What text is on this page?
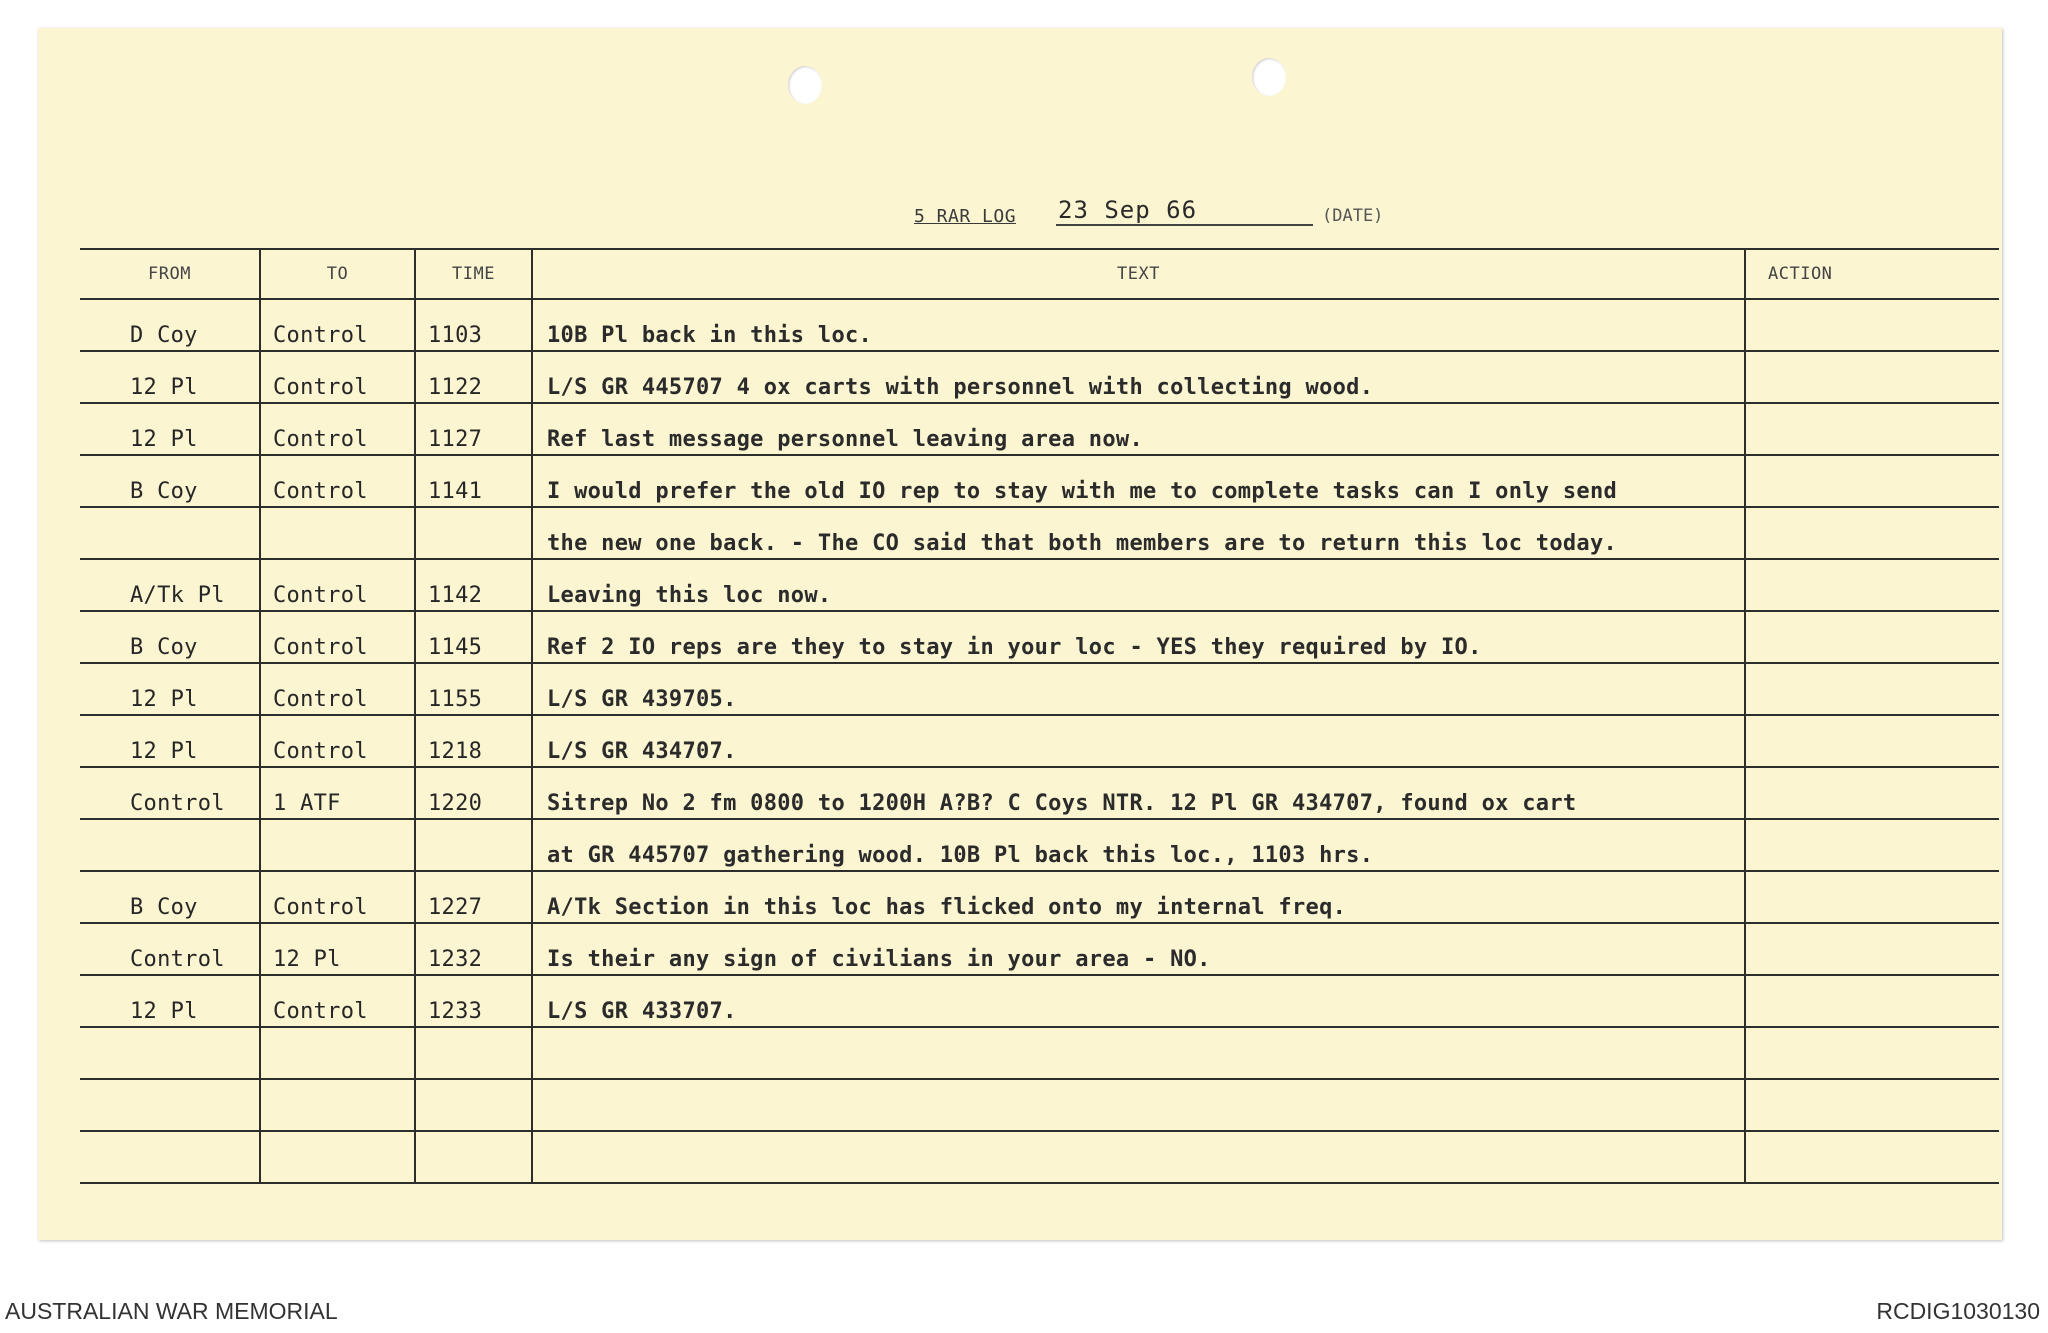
5 RAR LOG 23 Sep 66	(DATE)
FROM	TO	TIME	TEXT	ACTION
D Coy	Control	1103	10B Pl back in this loc.	
12 Pl	Control	1122	L/S GR 445707 4 ox carts with personnel with collecting wood.	
12 Pl	Control	1127	Ref last message personnel leaving area now.	
B Coy	Control	1141	I would prefer the old IO rep to stay with me to complete tasks can I only send	
			the new one back. - The CO said that both members are to return this loc today.	
A/Tk Pl	Control	1142	Leaving this loc now.	
B Coy	Control	1145	Ref 2 IO reps are they to stay in your loc - YES they required by IO.	
12 Pl	Control	1155	L/S GR 439705.	
12 Pl	Control	1218	L/S GR 434707.	
Control	1 ATF	1220	Sitrep No 2 fm 0800 to 1200H A?B? C Coys NTR. 12 Pl GR 434707, found ox cart	
			at GR 445707 gathering wood. 10B Pl back this loc., 1103 hrs.	
B Coy	Control	1227	A/Tk Section in this loc has flicked onto my internal freq.	
Control	12 Pl	1232	Is their any sign of civilians in your area - NO.	
12 Pl	Control	1233	L/S GR 433707.	

AUSTRALIAN WAR MEMORIAL	RCDIG1030130
